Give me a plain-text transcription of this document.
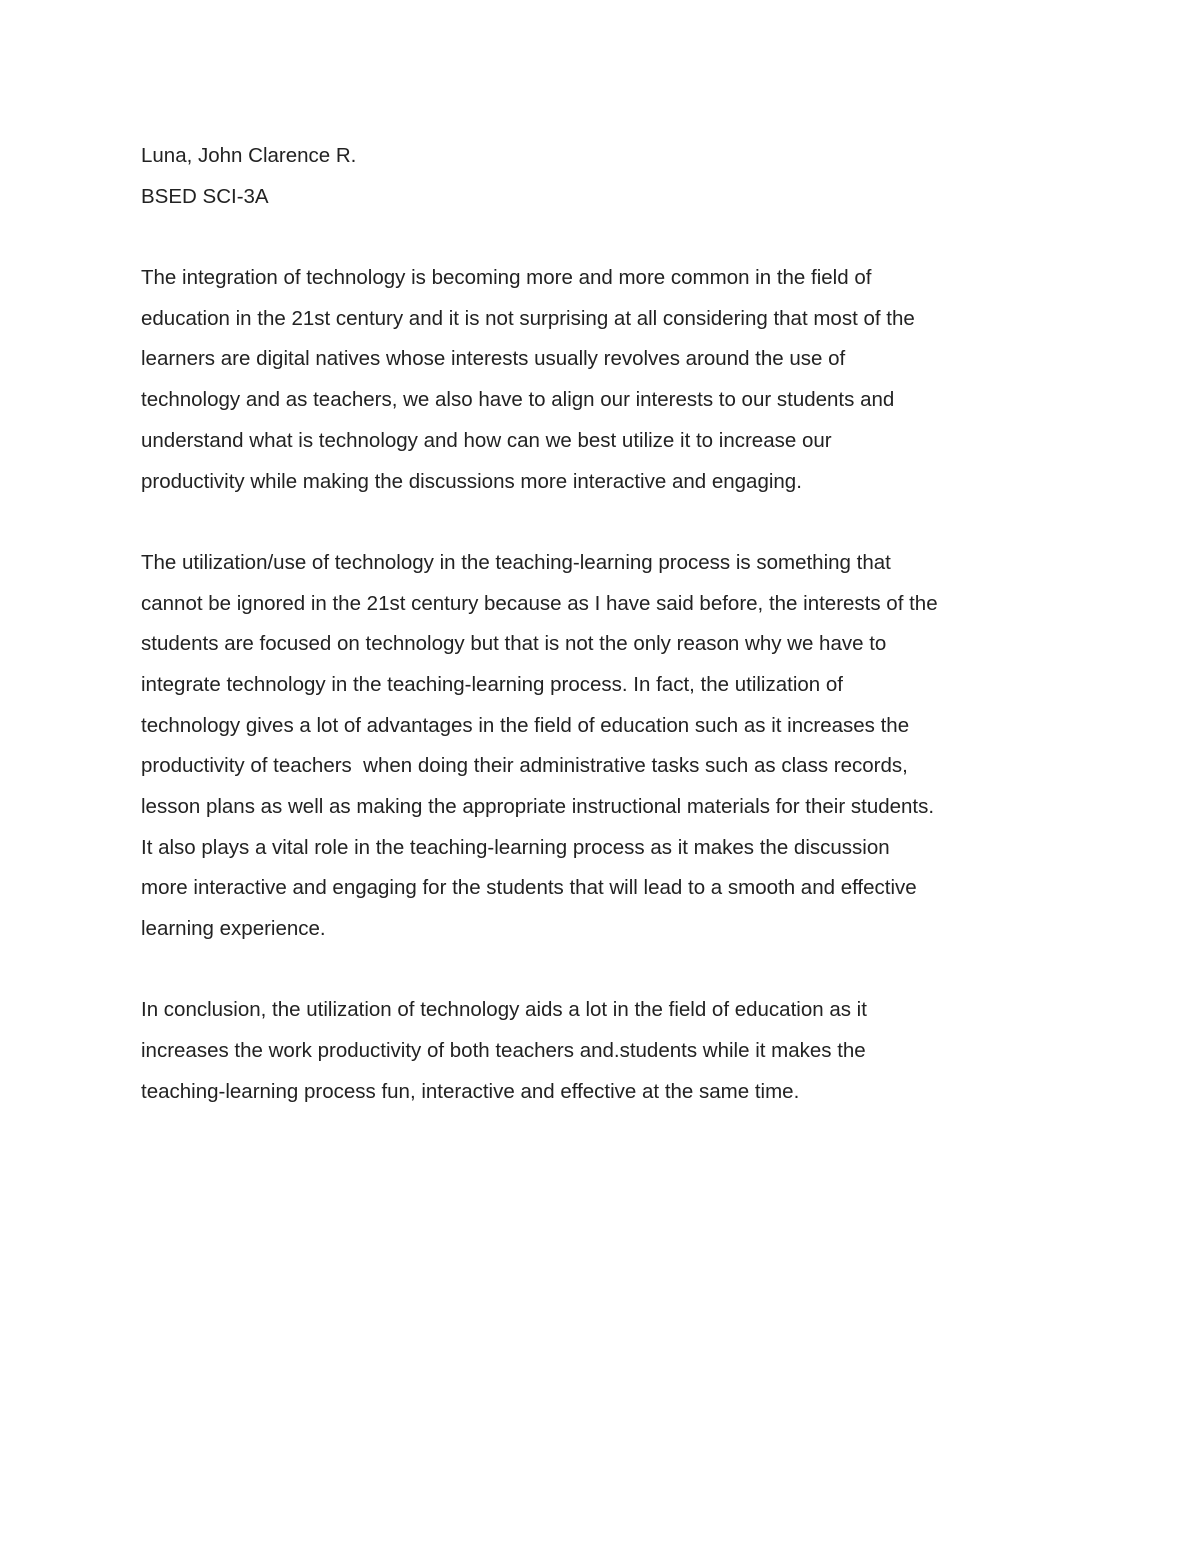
Luna, John Clarence R.
BSED SCI-3A
The integration of technology is becoming more and more common in the field of
education in the 21st century and it is not surprising at all considering that most of the
learners are digital natives whose interests usually revolves around the use of
technology and as teachers, we also have to align our interests to our students and
understand what is technology and how can we best utilize it to increase our
productivity while making the discussions more interactive and engaging.
The utilization/use of technology in the teaching-learning process is something that
cannot be ignored in the 21st century because as I have said before, the interests of the
students are focused on technology but that is not the only reason why we have to
integrate technology in the teaching-learning process. In fact, the utilization of
technology gives a lot of advantages in the field of education such as it increases the
productivity of teachers  when doing their administrative tasks such as class records,
lesson plans as well as making the appropriate instructional materials for their students.
It also plays a vital role in the teaching-learning process as it makes the discussion
more interactive and engaging for the students that will lead to a smooth and effective
learning experience.
In conclusion, the utilization of technology aids a lot in the field of education as it
increases the work productivity of both teachers and.students while it makes the
teaching-learning process fun, interactive and effective at the same time.
